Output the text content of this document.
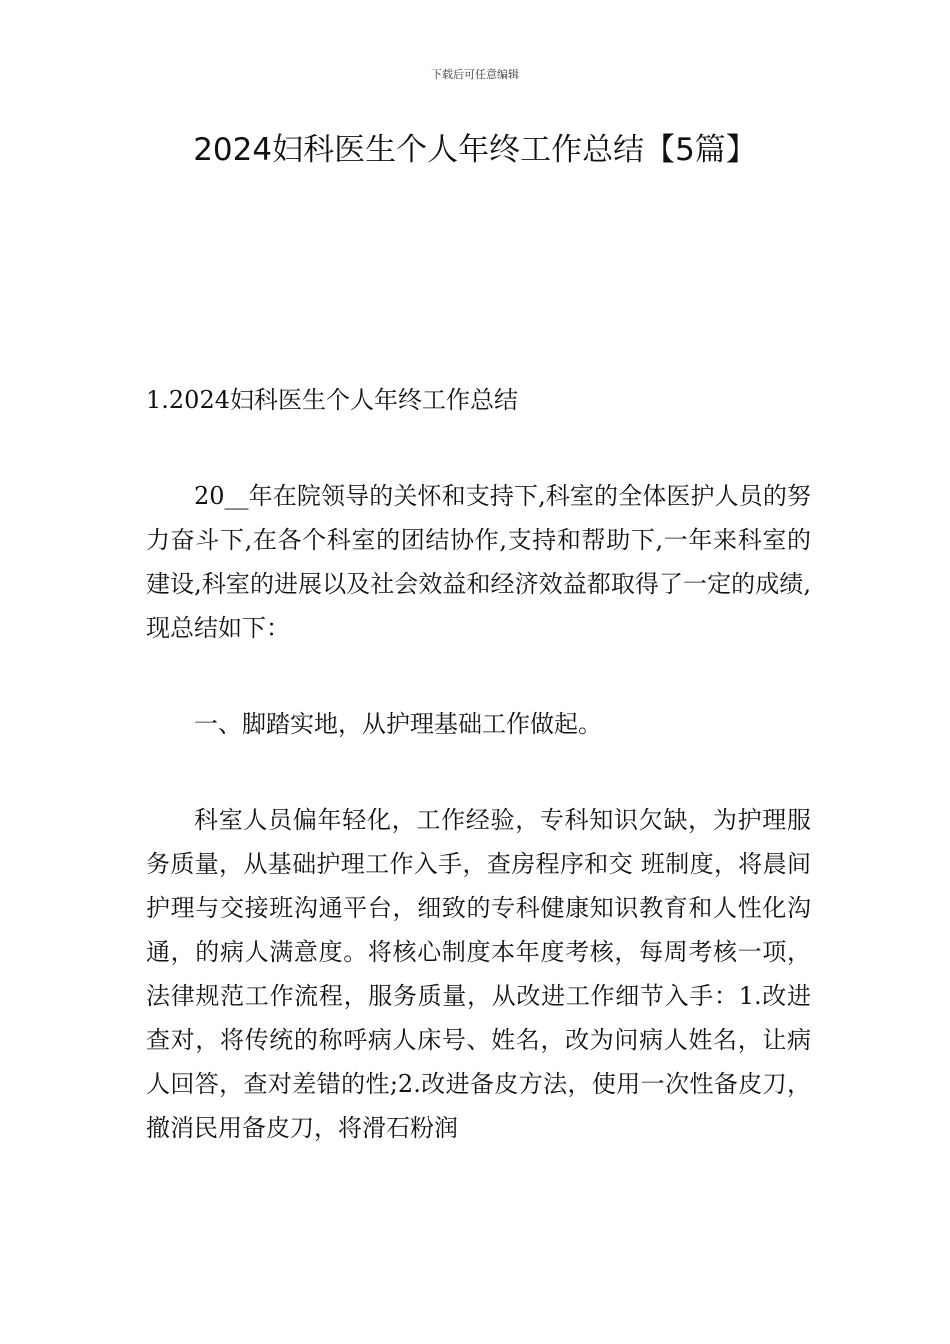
下载后可任意编辑
2024妇科医生个人年终工作总结【5篇】

1.2024妇科医生个人年终工作总结

20__年在院领导的关怀和支持下,科室的全体医护人员的努力奋斗下,在各个科室的团结协作,支持和帮助下,一年来科室的建设,科室的进展以及社会效益和经济效益都取得了一定的成绩,现总结如下：

一、脚踏实地，从护理基础工作做起。

科室人员偏年轻化，工作经验，专科知识欠缺，为护理服务质量，从基础护理工作入手，查房程序和交 班制度，将晨间护理与交接班沟通平台，细致的专科健康知识教育和人性化沟通，的病人满意度。将核心制度本年度考核，每周考核一项，法律规范工作流程，服务质量，从改进工作细节入手：1.改进查对，将传统的称呼病人床号、姓名，改为问病人姓名，让病人回答，查对差错的性;2.改进备皮方法，使用一次性备皮刀，撤消民用备皮刀，将滑石粉润
